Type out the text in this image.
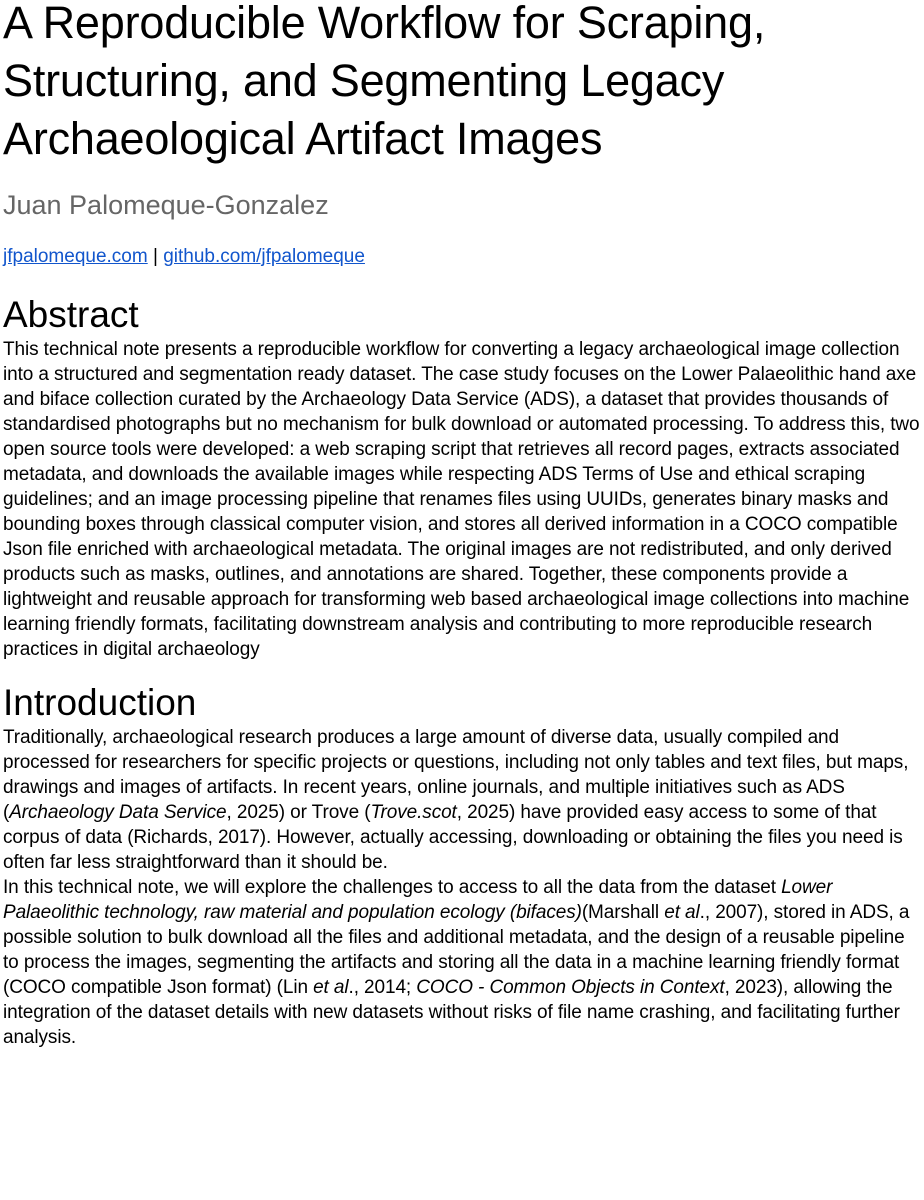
A Reproducible Workflow for Scraping, Structuring, and Segmenting Legacy Archaeological Artifact Images
Juan Palomeque-Gonzalez
jfpalomeque.com | github.com/jfpalomeque
Abstract

This technical note presents a reproducible workflow for converting a legacy archaeological image collection into a structured and segmentation ready dataset. The case study focuses on the Lower Palaeolithic hand axe and biface collection curated by the Archaeology Data Service (ADS), a dataset that provides thousands of standardised photographs but no mechanism for bulk download or automated processing. To address this, two open source tools were developed: a web scraping script that retrieves all record pages, extracts associated metadata, and downloads the available images while respecting ADS Terms of Use and ethical scraping guidelines; and an image processing pipeline that renames files using UUIDs, generates binary masks and bounding boxes through classical computer vision, and stores all derived information in a COCO compatible Json file enriched with archaeological metadata. The original images are not redistributed, and only derived products such as masks, outlines, and annotations are shared. Together, these components provide a lightweight and reusable approach for transforming web based archaeological image collections into machine learning friendly formats, facilitating downstream analysis and contributing to more reproducible research practices in digital archaeology

Introduction

Traditionally, archaeological research produces a large amount of diverse data, usually compiled and processed for researchers for specific projects or questions, including not only tables and text files, but maps, drawings and images of artifacts. In recent years, online journals, and multiple initiatives such as ADS (Archaeology Data Service, 2025) or Trove (Trove.scot, 2025) have provided easy access to some of that corpus of data (Richards, 2017). However, actually accessing, downloading or obtaining the files you need is often far less straightforward than it should be.

In this technical note, we will explore the challenges to access to all the data from the dataset Lower Palaeolithic technology, raw material and population ecology (bifaces)(Marshall et al., 2007), stored in ADS, a possible solution to bulk download all the files and additional metadata, and the design of a reusable pipeline to process the images, segmenting the artifacts and storing all the data in a machine learning friendly format (COCO compatible Json format) (Lin et al., 2014; COCO - Common Objects in Context, 2023), allowing the integration of the dataset details with new datasets without risks of file name crashing, and facilitating further analysis.
